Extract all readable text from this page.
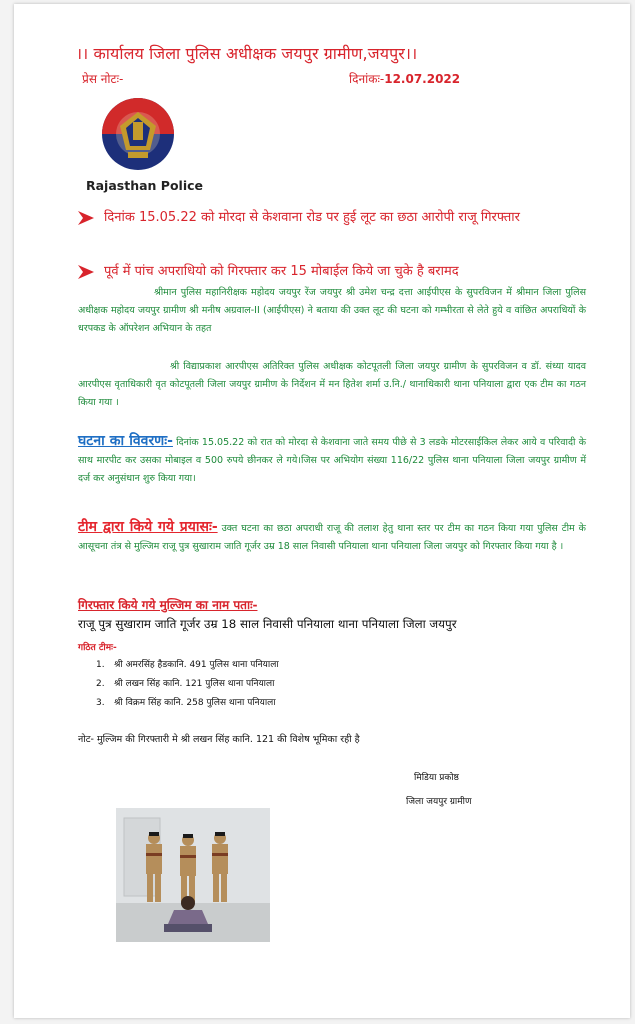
।। कार्यालय जिला पुलिस अधीक्षक जयपुर ग्रामीण,जयपुर।।
प्रेस नोटः-	दिनांकः-12.07.2022
Rajasthan Police
दिनांक 15.05.22 को मोरदा से केशवाना रोड पर हुई लूट का छठा आरोपी राजू गिरफ्तार
पूर्व में पांच अपराधियो को गिरफ्तार कर 15 मोबाईल किये जा चुके है बरामद
श्रीमान पुलिस महानिरीक्षक महोदय जयपुर रेंज जयपुर श्री उमेश चन्द्र दत्ता आईपीएस के सुपरविजन में श्रीमान जिला पुलिस अधीक्षक महोदय जयपुर ग्रामीण श्री मनीष अग्रवाल-II (आईपीएस) ने बताया की उक्त लूट की घटना को गम्भीरता से लेते हुये व वांछित अपराधियों के धरपकड के ऑपरेशन अभियान के तहत
श्री विद्याप्रकाश आरपीएस अतिरिक्त पुलिस अधीक्षक कोटपूतली जिला जयपुर ग्रामीण के सुपरविजन व डॉ. संध्या यादव आरपीएस वृताधिकारी वृत कोटपूतली जिला जयपुर ग्रामीण के निर्देशन में मन हितेश शर्मा उ.नि./ थानाधिकारी थाना पनियाला द्वारा एक टीम का गठन किया गया ।
घटना का विवरणः- दिनांक 15.05.22 को रात को मोरदा से केशवाना जाते समय पीछे से 3 लडके मोटरसाईकिल लेकर आये व परिवादी के साथ मारपीट कर उसका मोबाइल व 500 रुपये छीनकर ले गये।जिस पर अभियोग संख्या 116/22 पुलिस थाना पनियाला जिला जयपुर ग्रामीण में दर्ज कर अनुसंधान शुरु किया गया।
टीम द्वारा किये गये प्रयासः- उक्त घटना का छठा अपराधी राजू की तलाश हेतु थाना स्तर पर टीम का गठन किया गया पुलिस टीम के आसूचना तंत्र से मुल्जिम राजू पुत्र सुखाराम जाति गूर्जर उम्र 18 साल निवासी पनियाला थाना पनियाला जिला जयपुर को गिरफ्तार किया गया है ।
गिरफ्तार किये गये मुल्जिम का नाम पताः-
राजू पुत्र सुखाराम जाति गूर्जर उम्र 18 साल निवासी पनियाला थाना पनियाला जिला जयपुर
गठित टीमः-
1. श्री अमरसिंह हैडकानि. 491 पुलिस थाना पनियाला
2. श्री लखन सिंह कानि. 121 पुलिस थाना पनियाला
3. श्री विक्रम सिंह कानि. 258 पुलिस थाना पनियाला
नोट- मुल्जिम की गिरफ्तारी मे श्री लखन सिंह कानि. 121 की विशेष भूमिका रही है
मिडिया प्रकोष्ठ
जिला जयपुर ग्रामीण
